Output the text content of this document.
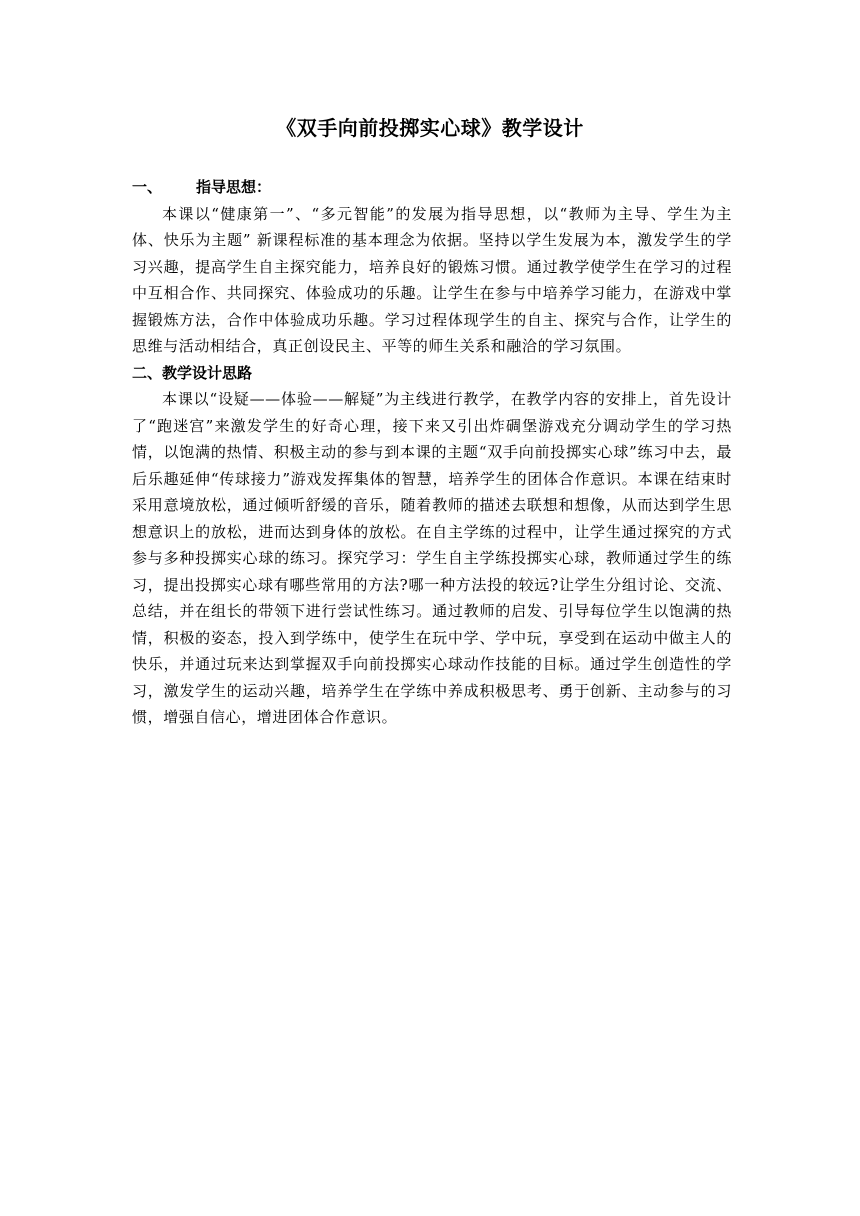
《双手向前投掷实心球》教学设计

一、 指导思想：

本课以“健康第一”、“多元智能”的发展为指导思想，以“教师为主导、学生为主体、快乐为主题” 新课程标准的基本理念为依据。坚持以学生发展为本，激发学生的学习兴趣，提高学生自主探究能力，培养良好的锻炼习惯。通过教学使学生在学习的过程中互相合作、共同探究、体验成功的乐趣。让学生在参与中培养学习能力，在游戏中掌握锻炼方法，合作中体验成功乐趣。学习过程体现学生的自主、探究与合作，让学生的思维与活动相结合，真正创设民主、平等的师生关系和融洽的学习氛围。

二、教学设计思路

本课以“设疑——体验——解疑”为主线进行教学，在教学内容的安排上，首先设计了“跑迷宫”来激发学生的好奇心理，接下来又引出炸碉堡游戏充分调动学生的学习热情，以饱满的热情、积极主动的参与到本课的主题“双手向前投掷实心球”练习中去，最后乐趣延伸“传球接力”游戏发挥集体的智慧，培养学生的团体合作意识。本课在结束时采用意境放松，通过倾听舒缓的音乐，随着教师的描述去联想和想像，从而达到学生思想意识上的放松，进而达到身体的放松。在自主学练的过程中，让学生通过探究的方式参与多种投掷实心球的练习。探究学习：学生自主学练投掷实心球，教师通过学生的练习，提出投掷实心球有哪些常用的方法?哪一种方法投的较远?让学生分组讨论、交流、总结，并在组长的带领下进行尝试性练习。通过教师的启发、引导每位学生以饱满的热情，积极的姿态，投入到学练中，使学生在玩中学、学中玩，享受到在运动中做主人的快乐，并通过玩来达到掌握双手向前投掷实心球动作技能的目标。通过学生创造性的学习，激发学生的运动兴趣，培养学生在学练中养成积极思考、勇于创新、主动参与的习惯，增强自信心，增进团体合作意识。
